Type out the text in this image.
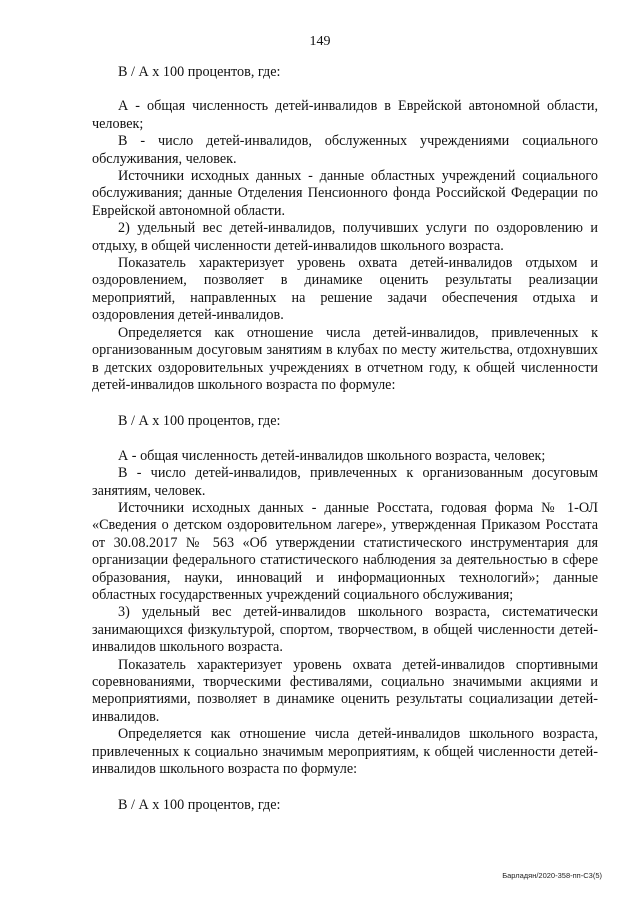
149

В / А x 100 процентов, где:

А - общая численность детей-инвалидов в Еврейской автономной области, человек;

В - число детей-инвалидов, обслуженных учреждениями социального обслуживания, человек.

Источники исходных данных - данные областных учреждений социального обслуживания; данные Отделения Пенсионного фонда Российской Федерации по Еврейской автономной области.

2) удельный вес детей-инвалидов, получивших услуги по оздоровлению и отдыху, в общей численности детей-инвалидов школьного возраста.

Показатель характеризует уровень охвата детей-инвалидов отдыхом и оздоровлением, позволяет в динамике оценить результаты реализации мероприятий, направленных на решение задачи обеспечения отдыха и оздоровления детей-инвалидов.

Определяется как отношение числа детей-инвалидов, привлеченных к организованным досуговым занятиям в клубах по месту жительства, отдохнувших в детских оздоровительных учреждениях в отчетном году, к общей численности детей-инвалидов школьного возраста по формуле:

В / А x 100 процентов, где:

А - общая численность детей-инвалидов школьного возраста, человек;

В - число детей-инвалидов, привлеченных к организованным досуговым занятиям, человек.

Источники исходных данных - данные Росстата, годовая форма № 1-ОЛ «Сведения о детском оздоровительном лагере», утвержденная Приказом Росстата от 30.08.2017 № 563 «Об утверждении статистического инструментария для организации федерального статистического наблюдения за деятельностью в сфере образования, науки, инноваций и информационных технологий»; данные областных государственных учреждений социального обслуживания;

3) удельный вес детей-инвалидов школьного возраста, систематически занимающихся физкультурой, спортом, творчеством, в общей численности детей-инвалидов школьного возраста.

Показатель характеризует уровень охвата детей-инвалидов спортивными соревнованиями, творческими фестивалями, социально значимыми акциями и мероприятиями, позволяет в динамике оценить результаты социализации детей-инвалидов.

Определяется как отношение числа детей-инвалидов школьного возраста, привлеченных к социально значимым мероприятиям, к общей численности детей-инвалидов школьного возраста по формуле:

В / А x 100 процентов, где:

Барладян/2020-358-пп-С3(5)
